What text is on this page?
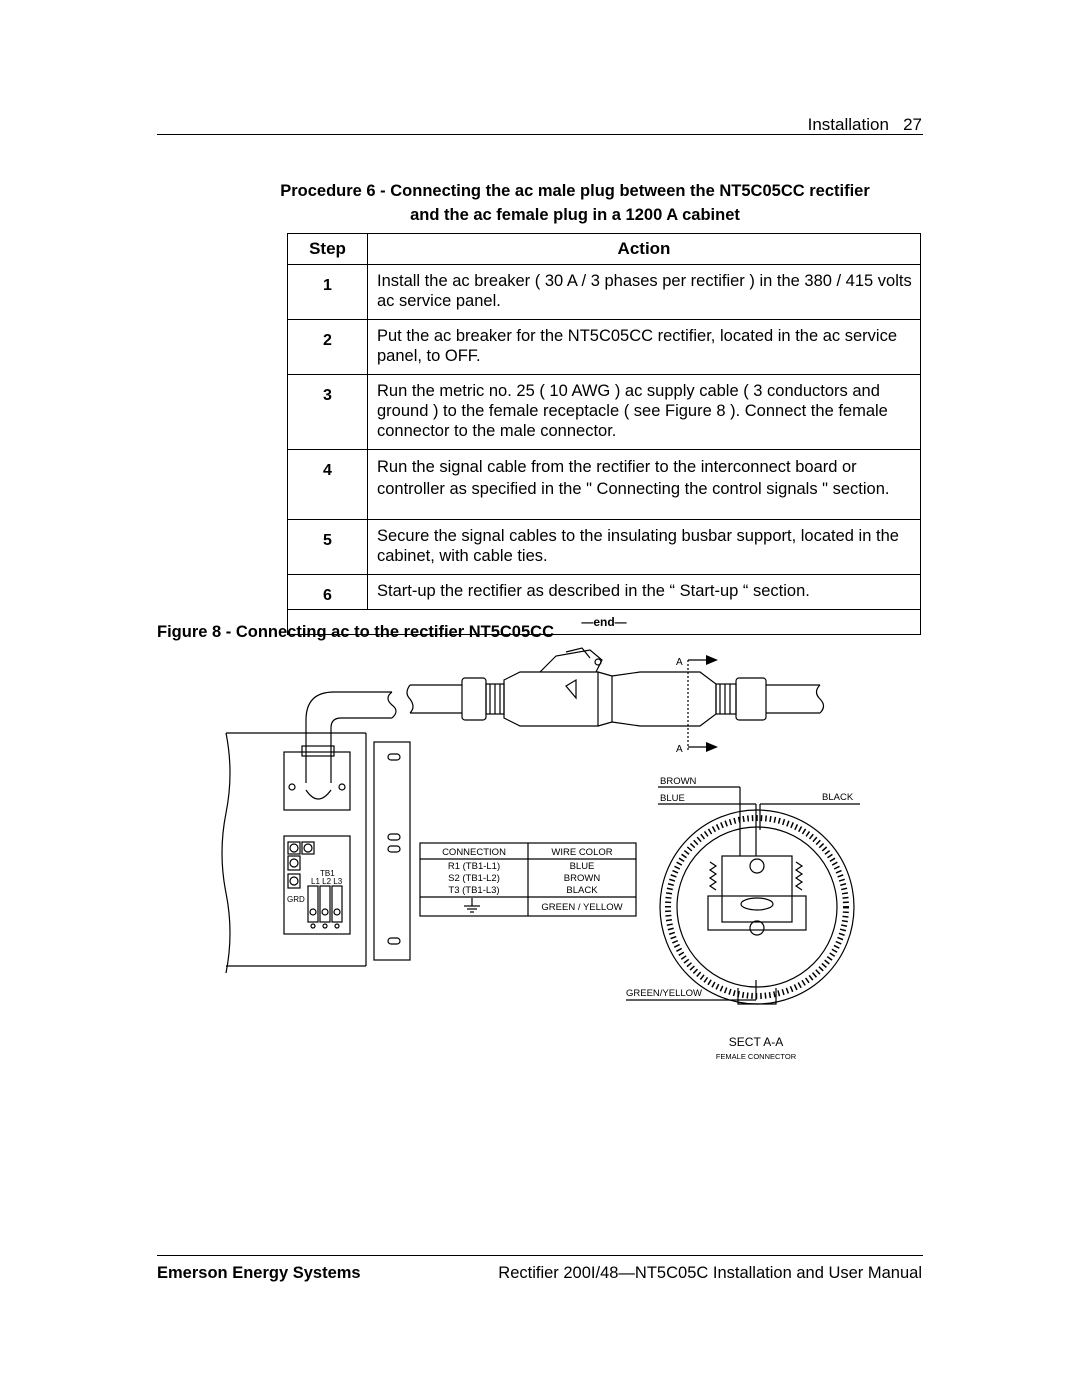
Installation 27
Procedure 6 - Connecting the ac male plug between the NT5C05CC rectifier
and the ac female plug in a 1200 A cabinet
Step	Action
1	Install the ac breaker ( 30 A / 3 phases per rectifier ) in the 380 / 415 volts ac service panel.
2	Put the ac breaker for the NT5C05CC rectifier, located in the ac service panel, to OFF.
3	Run the metric no. 25 ( 10 AWG ) ac supply cable ( 3 conductors and ground ) to the female receptacle ( see Figure 8 ). Connect the female connector to the male connector.
4	Run the signal cable from the rectifier to the interconnect board or controller as specified in the " Connecting the control signals " section.
5	Secure the signal cables to the insulating busbar support, located in the cabinet, with cable ties.
6	Start-up the rectifier as described in the “ Start-up “ section.
—end—	
Figure 8 - Connecting ac to the rectifier NT5C05CC
A
A
TB1
L1 L2 L3
GRD
CONNECTION	WIRE COLOR
R1 (TB1-L1)	BLUE
S2 (TB1-L2)	BROWN
T3 (TB1-L3)	BLACK
GREEN / YELLOW
BROWN
BLUE	BLACK
GREEN/YELLOW
SECT A-A
FEMALE CONNECTOR
Emerson Energy Systems	Rectifier 200I/48—NT5C05C Installation and User Manual
